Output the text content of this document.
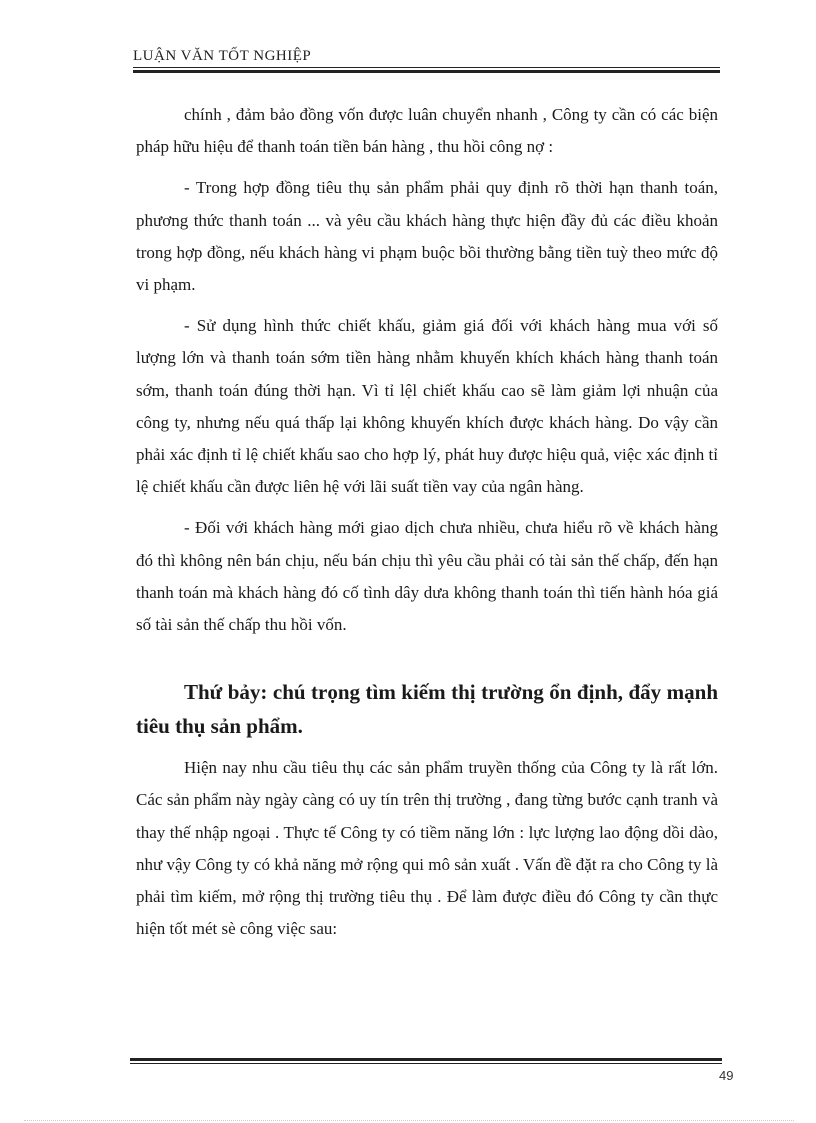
LUẬN VĂN TỐT NGHIỆP

chính , đảm bảo đồng vốn được luân chuyển nhanh , Công ty cần có các biện pháp hữu hiệu để thanh toán tiền bán hàng , thu hồi công nợ :

- Trong hợp đồng tiêu thụ sản phẩm phải quy định rõ thời hạn thanh toán, phương thức thanh toán ... và yêu cầu khách hàng thực hiện đầy đủ các điều khoản trong hợp đồng, nếu khách hàng vi phạm buộc bồi thường bằng tiền tuỳ theo mức độ vi phạm.

- Sử dụng hình thức chiết khấu, giảm giá đối với khách hàng mua với số lượng lớn và thanh toán sớm tiền hàng nhằm khuyến khích khách hàng thanh toán sớm, thanh toán đúng thời hạn. Vì tỉ lệl chiết khấu cao sẽ làm giảm lợi nhuận của công ty, nhưng nếu quá thấp lại không khuyến khích được khách hàng. Do vậy cần phải xác định tỉ lệ chiết khấu sao cho hợp lý, phát huy được hiệu quả, việc xác định tỉ lệ chiết khấu cần được liên hệ với lãi suất tiền vay của ngân hàng.

- Đối với khách hàng mới giao dịch chưa nhiều, chưa hiểu rõ về khách hàng đó thì không nên bán chịu, nếu bán chịu thì yêu cầu phải có tài sản thế chấp, đến hạn thanh toán mà khách hàng đó cố tình dây dưa không thanh toán thì tiến hành hóa giá số tài sản thế chấp thu hồi vốn.

Thứ bảy: chú trọng tìm kiếm thị trường ổn định, đẩy mạnh tiêu thụ sản phẩm.

Hiện nay nhu cầu tiêu thụ các sản phẩm truyền thống của Công ty là rất lớn. Các sản phẩm này ngày càng có uy tín trên thị trường , đang từng bước cạnh tranh và thay thế nhập ngoại . Thực tế Công ty có tiềm năng lớn : lực lượng lao động dồi dào, như vậy Công ty có khả năng mở rộng qui mô sản xuất . Vấn đề đặt ra cho Công ty là phải tìm kiếm, mở rộng thị trường tiêu thụ . Để làm được điều đó Công ty cần thực hiện tốt mét sè công việc sau:

49
